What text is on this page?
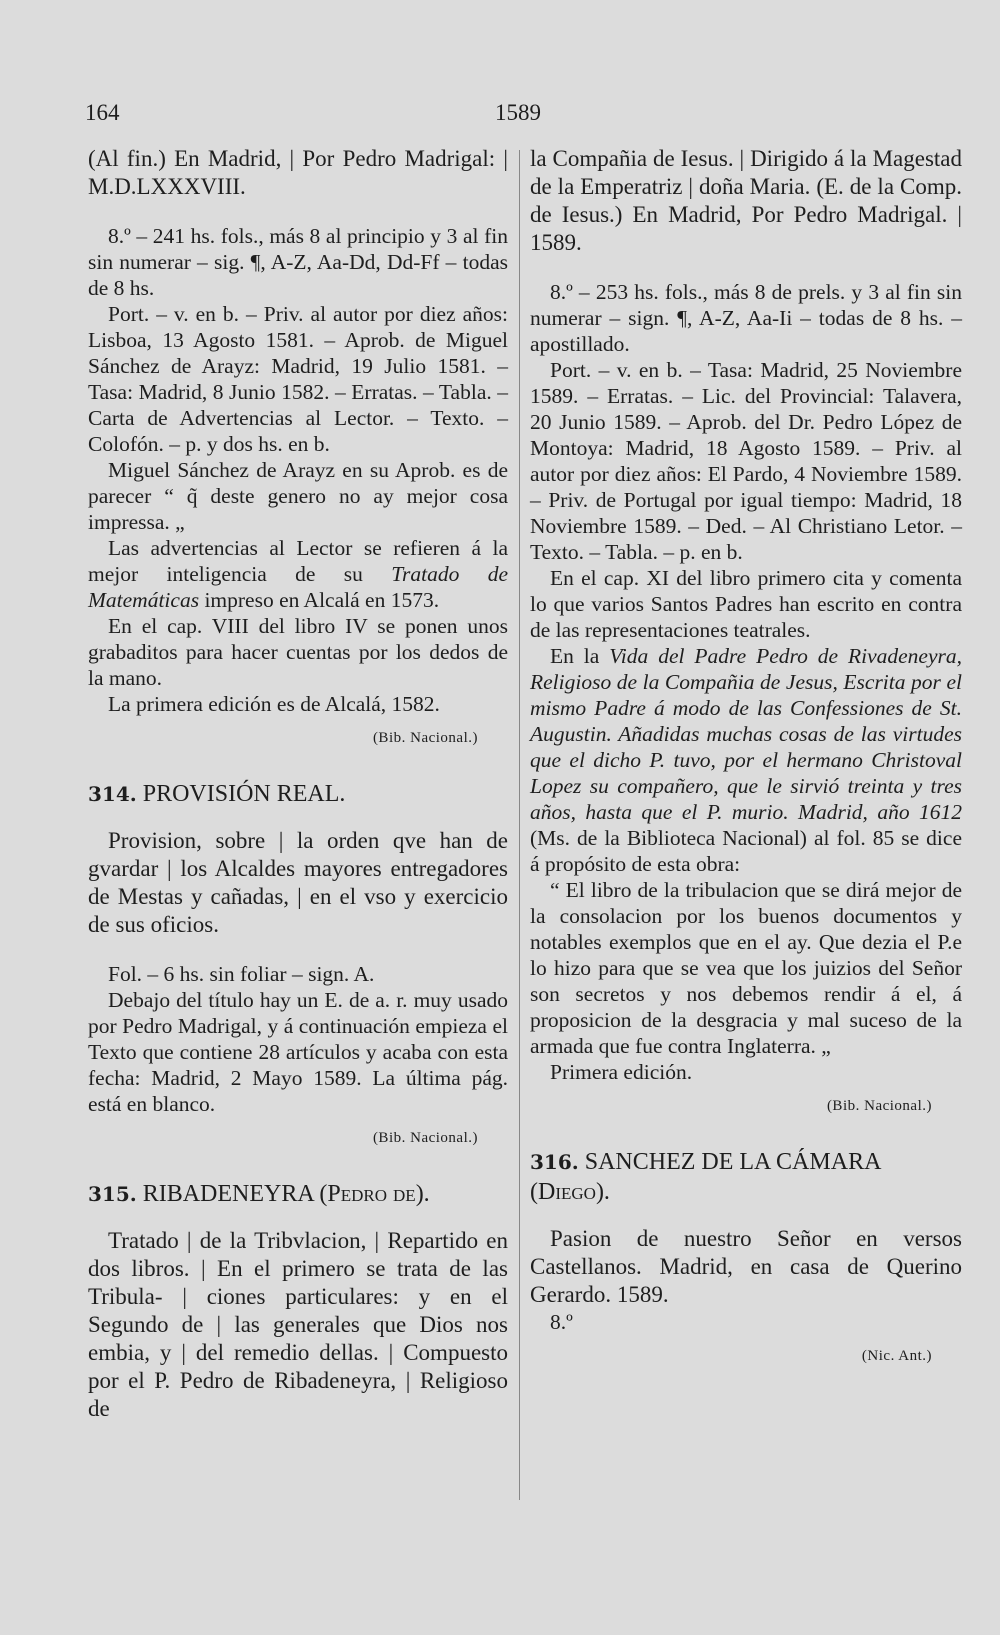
164	1589

(Al fin.) En Madrid, | Por Pedro Madrigal: | M.D.LXXXVIII.

8.º – 241 hs. fols., más 8 al principio y 3 al fin sin numerar – sig. ¶, A-Z, Aa-Dd, Dd-Ff – todas de 8 hs.

Port. – v. en b. – Priv. al autor por diez años: Lisboa, 13 Agosto 1581. – Aprob. de Miguel Sánchez de Arayz: Madrid, 19 Julio 1581. – Tasa: Madrid, 8 Junio 1582. – Erratas. – Tabla. – Carta de Advertencias al Lector. – Texto. – Colofón. – p. y dos hs. en b.

Miguel Sánchez de Arayz en su Aprob. es de parecer “ q̃ deste genero no ay mejor cosa impressa. „

Las advertencias al Lector se refieren á la mejor inteligencia de su Tratado de Matemáticas impreso en Alcalá en 1573.

En el cap. VIII del libro IV se ponen unos grabaditos para hacer cuentas por los dedos de la mano.

La primera edición es de Alcalá, 1582.

(Bib. Nacional.)

314. PROVISIÓN REAL.

Provision, sobre | la orden qve han de gvardar | los Alcaldes mayores entregadores de Mestas y cañadas, | en el vso y exercicio de sus oficios.

Fol. – 6 hs. sin foliar – sign. A.

Debajo del título hay un E. de a. r. muy usado por Pedro Madrigal, y á continuación empieza el Texto que contiene 28 artículos y acaba con esta fecha: Madrid, 2 Mayo 1589. La última pág. está en blanco.

(Bib. Nacional.)

315. RIBADENEYRA (Pedro de).

Tratado | de la Tribvlacion, | Repartido en dos libros. | En el primero se trata de las Tribula- | ciones particulares: y en el Segundo de | las generales que Dios nos embia, y | del remedio dellas. | Compuesto por el P. Pedro de Ribadeneyra, | Religioso de

la Compañia de Iesus. | Dirigido á la Magestad de la Emperatriz | doña Maria. (E. de la Comp. de Iesus.) En Madrid, Por Pedro Madrigal. | 1589.

8.º – 253 hs. fols., más 8 de prels. y 3 al fin sin numerar – sign. ¶, A-Z, Aa-Ii – todas de 8 hs. – apostillado.

Port. – v. en b. – Tasa: Madrid, 25 Noviembre 1589. – Erratas. – Lic. del Provincial: Talavera, 20 Junio 1589. – Aprob. del Dr. Pedro López de Montoya: Madrid, 18 Agosto 1589. – Priv. al autor por diez años: El Pardo, 4 Noviembre 1589. – Priv. de Portugal por igual tiempo: Madrid, 18 Noviembre 1589. – Ded. – Al Christiano Letor. – Texto. – Tabla. – p. en b.

En el cap. XI del libro primero cita y comenta lo que varios Santos Padres han escrito en contra de las representaciones teatrales.

En la Vida del Padre Pedro de Rivadeneyra, Religioso de la Compañia de Jesus, Escrita por el mismo Padre á modo de las Confessiones de St. Augustin. Añadidas muchas cosas de las virtudes que el dicho P. tuvo, por el hermano Christoval Lopez su compañero, que le sirvió treinta y tres años, hasta que el P. murio. Madrid, año 1612 (Ms. de la Biblioteca Nacional) al fol. 85 se dice á propósito de esta obra:

“ El libro de la tribulacion que se dirá mejor de la consolacion por los buenos documentos y notables exemplos que en el ay. Que dezia el P.e lo hizo para que se vea que los juizios del Señor son secretos y nos debemos rendir á el, á proposicion de la desgracia y mal suceso de la armada que fue contra Inglaterra. „

Primera edición.

(Bib. Nacional.)

316. SANCHEZ DE LA CÁMARA
(Diego).

Pasion de nuestro Señor en versos Castellanos. Madrid, en casa de Querino Gerardo. 1589.

8.º

(Nic. Ant.)
